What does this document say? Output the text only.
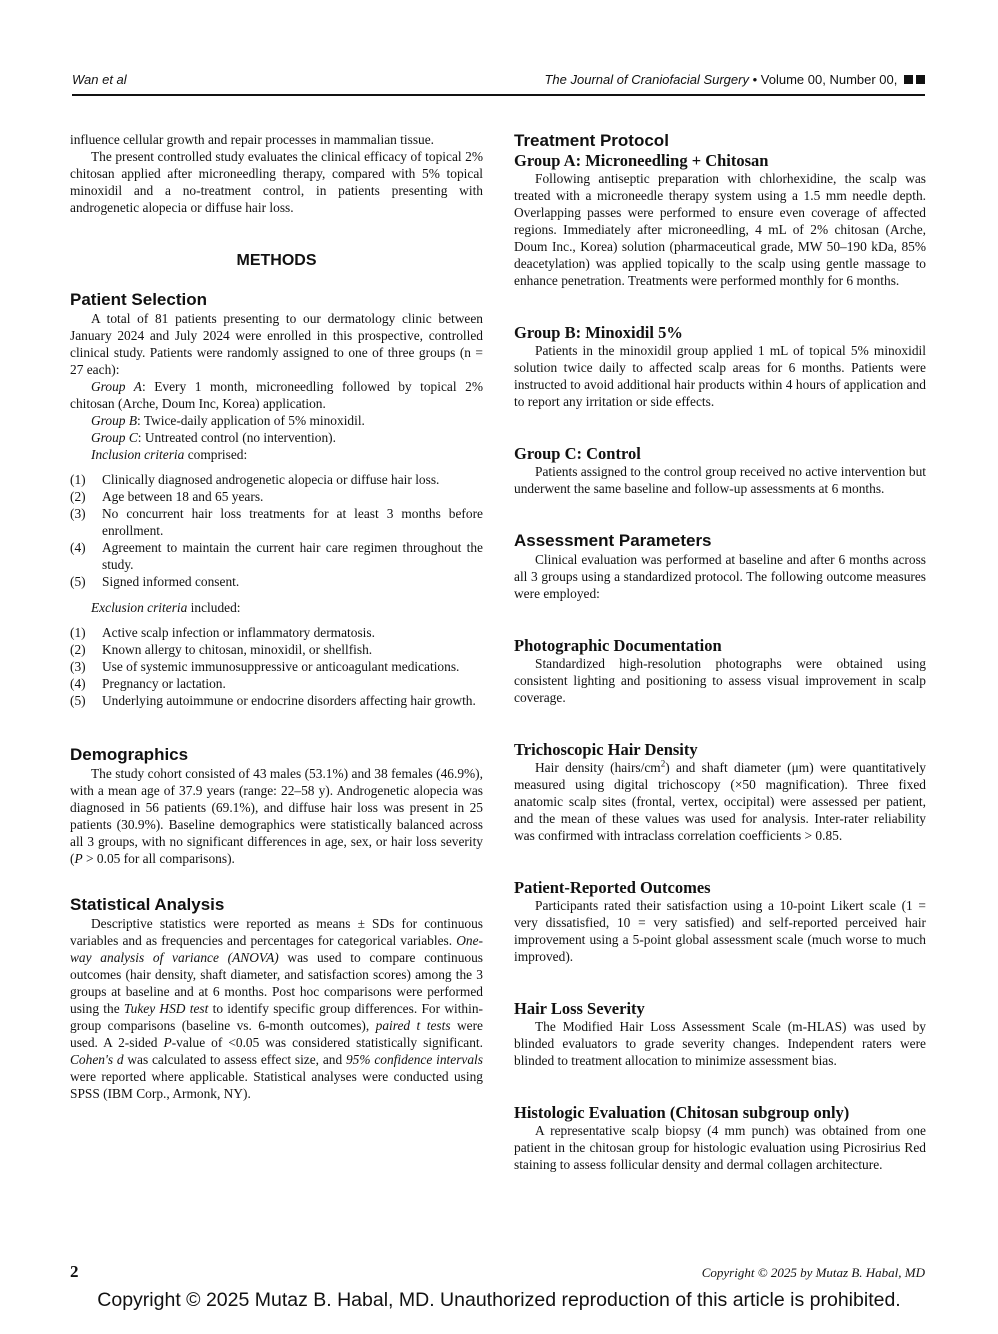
Wan et al	The Journal of Craniofacial Surgery • Volume 00, Number 00,

influence cellular growth and repair processes in mammalian tissue.

The present controlled study evaluates the clinical efficacy of topical 2% chitosan applied after microneedling therapy, compared with 5% topical minoxidil and a no-treatment control, in patients presenting with androgenetic alopecia or diffuse hair loss.

METHODS

Patient Selection

A total of 81 patients presenting to our dermatology clinic between January 2024 and July 2024 were enrolled in this prospective, controlled clinical study. Patients were randomly assigned to one of three groups (n = 27 each):

Group A: Every 1 month, microneedling followed by topical 2% chitosan (Arche, Doum Inc, Korea) application.

Group B: Twice-daily application of 5% minoxidil.

Group C: Untreated control (no intervention).

Inclusion criteria comprised:

(1) Clinically diagnosed androgenetic alopecia or diffuse hair loss.
(2) Age between 18 and 65 years.
(3) No concurrent hair loss treatments for at least 3 months before enrollment.
(4) Agreement to maintain the current hair care regimen throughout the study.
(5) Signed informed consent.

Exclusion criteria included:

(1) Active scalp infection or inflammatory dermatosis.
(2) Known allergy to chitosan, minoxidil, or shellfish.
(3) Use of systemic immunosuppressive or anticoagulant medications.
(4) Pregnancy or lactation.
(5) Underlying autoimmune or endocrine disorders affecting hair growth.

Demographics

The study cohort consisted of 43 males (53.1%) and 38 females (46.9%), with a mean age of 37.9 years (range: 22–58 y). Androgenetic alopecia was diagnosed in 56 patients (69.1%), and diffuse hair loss was present in 25 patients (30.9%). Baseline demographics were statistically balanced across all 3 groups, with no significant differences in age, sex, or hair loss severity (P > 0.05 for all comparisons).

Statistical Analysis

Descriptive statistics were reported as means ± SDs for continuous variables and as frequencies and percentages for categorical variables. One-way analysis of variance (ANOVA) was used to compare continuous outcomes (hair density, shaft diameter, and satisfaction scores) among the 3 groups at baseline and at 6 months. Post hoc comparisons were performed using the Tukey HSD test to identify specific group differences. For within-group comparisons (baseline vs. 6-month outcomes), paired t tests were used. A 2-sided P-value of <0.05 was considered statistically significant. Cohen's d was calculated to assess effect size, and 95% confidence intervals were reported where applicable. Statistical analyses were conducted using SPSS (IBM Corp., Armonk, NY).

Treatment Protocol

Group A: Microneedling + Chitosan

Following antiseptic preparation with chlorhexidine, the scalp was treated with a microneedle therapy system using a 1.5 mm needle depth. Overlapping passes were performed to ensure even coverage of affected regions. Immediately after microneedling, 4 mL of 2% chitosan (Arche, Doum Inc., Korea) solution (pharmaceutical grade, MW 50–190 kDa, 85% deacetylation) was applied topically to the scalp using gentle massage to enhance penetration. Treatments were performed monthly for 6 months.

Group B: Minoxidil 5%

Patients in the minoxidil group applied 1 mL of topical 5% minoxidil solution twice daily to affected scalp areas for 6 months. Patients were instructed to avoid additional hair products within 4 hours of application and to report any irritation or side effects.

Group C: Control

Patients assigned to the control group received no active intervention but underwent the same baseline and follow-up assessments at 6 months.

Assessment Parameters

Clinical evaluation was performed at baseline and after 6 months across all 3 groups using a standardized protocol. The following outcome measures were employed:

Photographic Documentation

Standardized high-resolution photographs were obtained using consistent lighting and positioning to assess visual improvement in scalp coverage.

Trichoscopic Hair Density

Hair density $(hairs/cm^2)$ and shaft diameter (μm) were quantitatively measured using digital trichoscopy (×50 magnification). Three fixed anatomic scalp sites (frontal, vertex, occipital) were assessed per patient, and the mean of these values was used for analysis. Inter-rater reliability was confirmed with intraclass correlation coefficients > 0.85.

Patient-Reported Outcomes

Participants rated their satisfaction using a 10-point Likert scale (1 = very dissatisfied, 10 = very satisfied) and self-reported perceived hair improvement using a 5-point global assessment scale (much worse to much improved).

Hair Loss Severity

The Modified Hair Loss Assessment Scale (m-HLAS) was used by blinded evaluators to grade severity changes. Independent raters were blinded to treatment allocation to minimize assessment bias.

Histologic Evaluation (Chitosan subgroup only)

A representative scalp biopsy (4 mm punch) was obtained from one patient in the chitosan group for histologic evaluation using Picrosirius Red staining to assess follicular density and dermal collagen architecture.

2	Copyright © 2025 by Mutaz B. Habal, MD
Copyright © 2025 Mutaz B. Habal, MD. Unauthorized reproduction of this article is prohibited.
